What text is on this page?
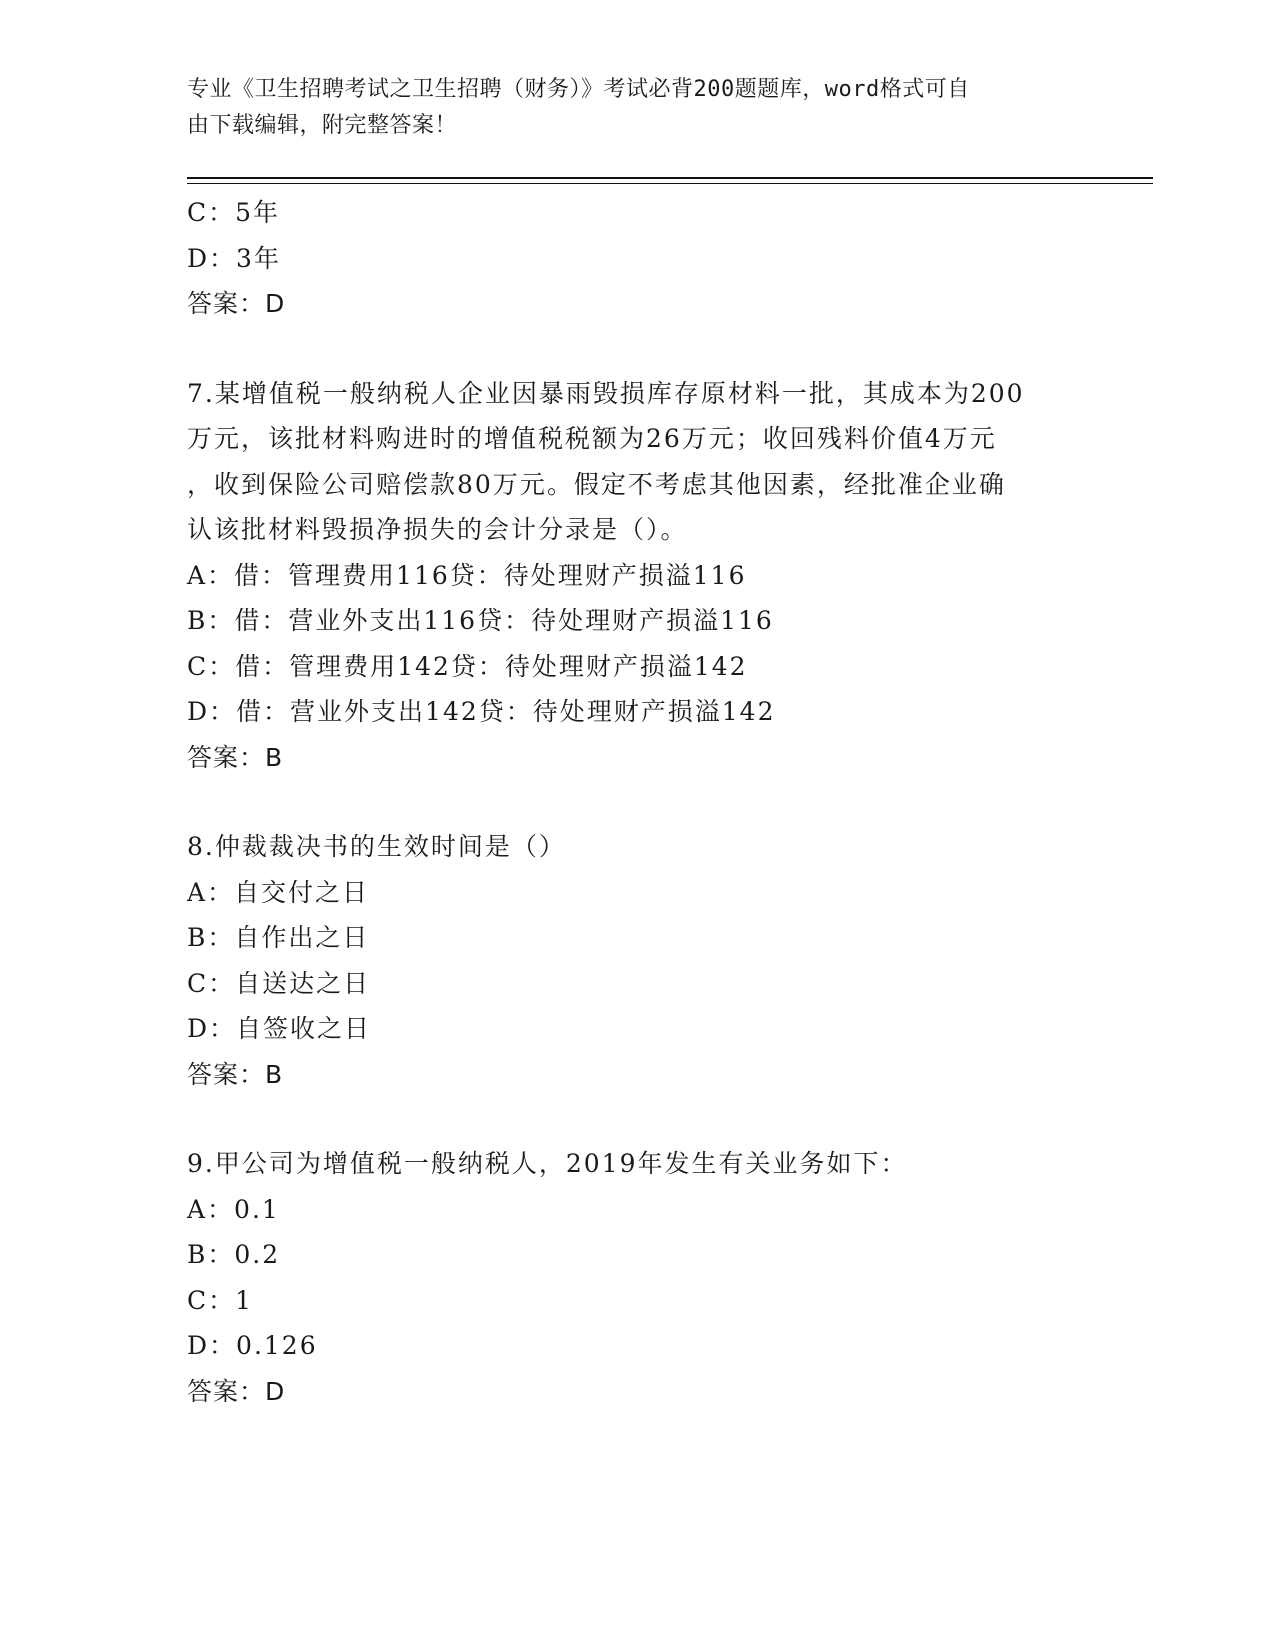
专业《卫生招聘考试之卫生招聘（财务）》考试必背200题题库，word格式可自
由下载编辑，附完整答案！
C：5年
D：3年
答案：D
7.某增值税一般纳税人企业因暴雨毁损库存原材料一批，其成本为200
万元，该批材料购进时的增值税税额为26万元；收回残料价值4万元
，收到保险公司赔偿款80万元。假定不考虑其他因素，经批准企业确
认该批材料毁损净损失的会计分录是（）。
A：借：管理费用116贷：待处理财产损溢116
B：借：营业外支出116贷：待处理财产损溢116
C：借：管理费用142贷：待处理财产损溢142
D：借：营业外支出142贷：待处理财产损溢142
答案：B
8.仲裁裁决书的生效时间是（）
A：自交付之日
B：自作出之日
C：自送达之日
D：自签收之日
答案：B
9.甲公司为增值税一般纳税人，2019年发生有关业务如下：
A：0.1
B：0.2
C：1
D：0.126
答案：D
